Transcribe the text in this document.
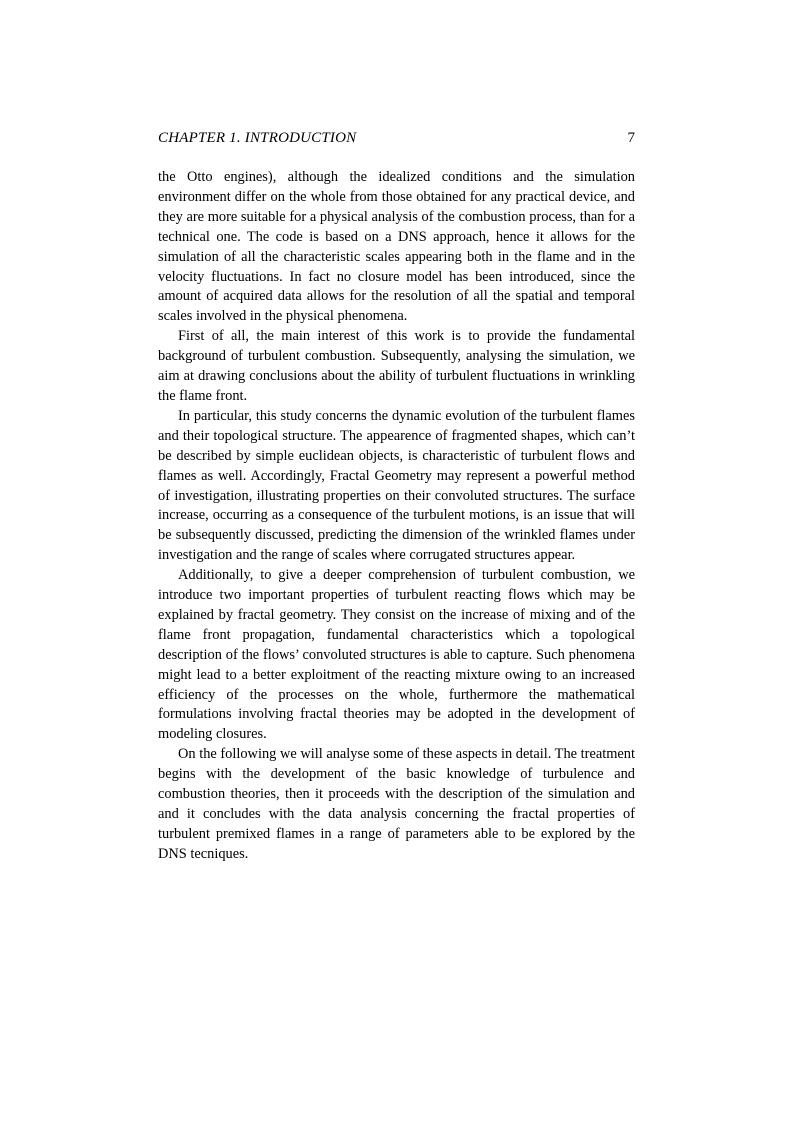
CHAPTER 1. INTRODUCTION	7

the Otto engines), although the idealized conditions and the simulation environment differ on the whole from those obtained for any practical device, and they are more suitable for a physical analysis of the combustion process, than for a technical one. The code is based on a DNS approach, hence it allows for the simulation of all the characteristic scales appearing both in the flame and in the velocity fluctuations. In fact no closure model has been introduced, since the amount of acquired data allows for the resolution of all the spatial and temporal scales involved in the physical phenomena.

First of all, the main interest of this work is to provide the fundamental background of turbulent combustion. Subsequently, analysing the simulation, we aim at drawing conclusions about the ability of turbulent fluctuations in wrinkling the flame front.

In particular, this study concerns the dynamic evolution of the turbulent flames and their topological structure. The appearence of fragmented shapes, which can’t be described by simple euclidean objects, is characteristic of turbulent flows and flames as well. Accordingly, Fractal Geometry may represent a powerful method of investigation, illustrating properties on their convoluted structures. The surface increase, occurring as a consequence of the turbulent motions, is an issue that will be subsequently discussed, predicting the dimension of the wrinkled flames under investigation and the range of scales where corrugated structures appear.

Additionally, to give a deeper comprehension of turbulent combustion, we introduce two important properties of turbulent reacting flows which may be explained by fractal geometry. They consist on the increase of mixing and of the flame front propagation, fundamental characteristics which a topological description of the flows’ convoluted structures is able to capture. Such phenomena might lead to a better exploitment of the reacting mixture owing to an increased efficiency of the processes on the whole, furthermore the mathematical formulations involving fractal theories may be adopted in the development of modeling closures.

On the following we will analyse some of these aspects in detail. The treatment begins with the development of the basic knowledge of turbulence and combustion theories, then it proceeds with the description of the simulation and and it concludes with the data analysis concerning the fractal properties of turbulent premixed flames in a range of parameters able to be explored by the DNS tecniques.
